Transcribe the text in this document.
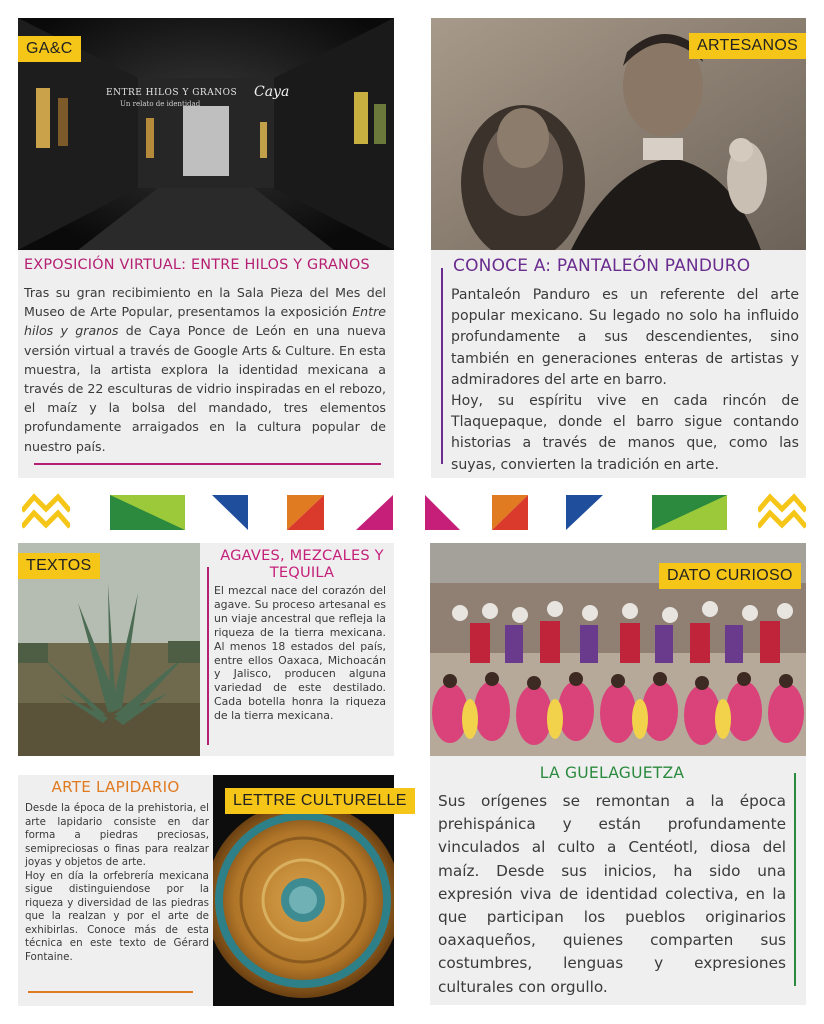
ENTRE HILOS Y GRANOS
Un relato de identidad
Caya
GA&C
EXPOSICIÓN VIRTUAL: ENTRE HILOS Y GRANOS
Tras su gran recibimiento en la Sala Pieza del Mes del Museo de Arte Popular, presentamos la exposición Entre hilos y granos de Caya Ponce de León en una nueva versión virtual a través de Google Arts & Culture. En esta muestra, la artista explora la identidad mexicana a través de 22 esculturas de vidrio inspiradas en el rebozo, el maíz y la bolsa del mandado, tres elementos profundamente arraigados en la cultura popular de nuestro país.
ARTESANOS
CONOCE A: PANTALEÓN PANDURO

Pantaleón Panduro es un referente del arte popular mexicano. Su legado no solo ha influido profundamente a sus descendientes, sino también en generaciones enteras de artistas y admiradores del arte en barro.

Hoy, su espíritu vive en cada rincón de Tlaquepaque, donde el barro sigue contando historias a través de manos que, como las suyas, convierten la tradición en arte.

TEXTOS
AGAVES, MEZCALES Y TEQUILA
El mezcal nace del corazón del agave. Su proceso artesanal es un viaje ancestral que refleja la riqueza de la tierra mexicana. Al menos 18 estados del país, entre ellos Oaxaca, Michoacán y Jalisco, producen alguna variedad de este destilado. Cada botella honra la riqueza de la tierra mexicana.
DATO CURIOSO
LA GUELAGUETZA
Sus orígenes se remontan a la época prehispánica y están profundamente vinculados al culto a Centéotl, diosa del maíz. Desde sus inicios, ha sido una expresión viva de identidad colectiva, en la que participan los pueblos originarios oaxaqueños, quienes comparten sus costumbres, lenguas y expresiones culturales con orgullo.
ARTE LAPIDARIO

Desde la época de la prehistoria, el arte lapidario consiste en dar forma a piedras preciosas, semipreciosas o finas para realzar joyas y objetos de arte.

Hoy en día la orfebrería mexicana sigue distinguiendose por la riqueza y diversidad de las piedras que la realzan y por el arte de exhibirlas. Conoce más de esta técnica en este texto de Gérard Fontaine.

LETTRE CULTURELLE
